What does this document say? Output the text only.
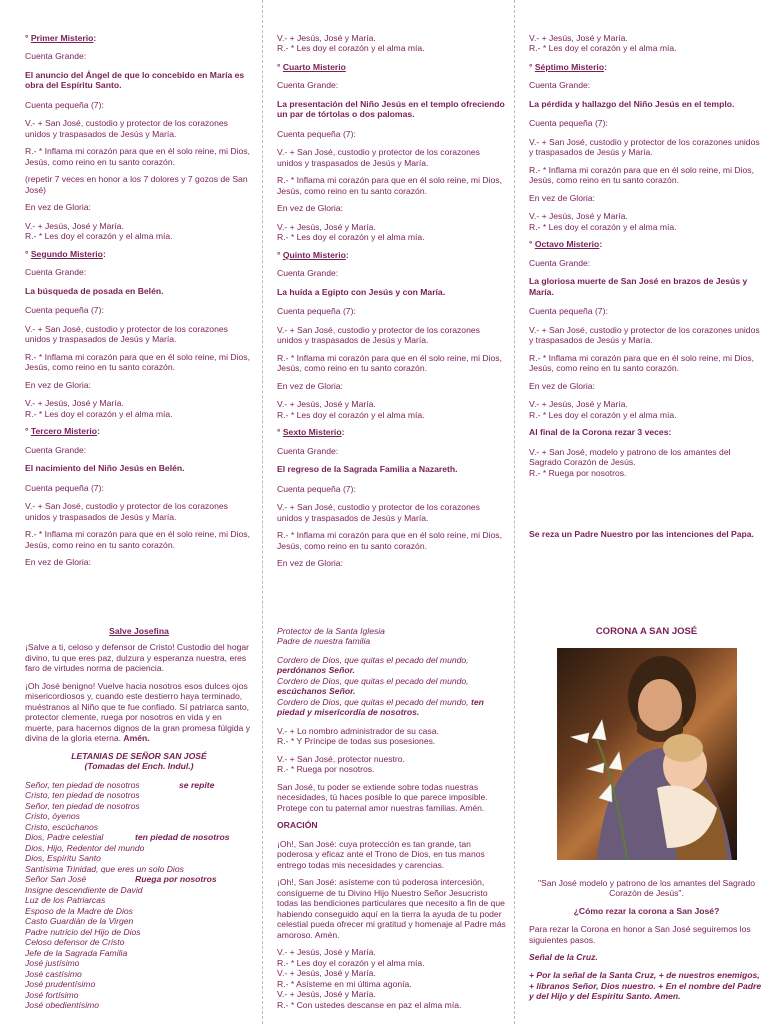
° Primer Misterio:
Cuenta Grande:
El anuncio del Ángel de que lo concebido en María es obra del Espíritu Santo.
Cuenta pequeña (7):

V.- + San José, custodio y protector de los corazones unidos y traspasados de Jesús y María.

R.- * Inflama mi corazón para que en él solo reine, mi Dios, Jesús, como reino en tu santo corazón.

(repetir 7 veces en honor a los 7 dolores y 7 gozos de San José)
En vez de Gloria:

V.- + Jesús, José y María.

R.- * Les doy el corazón y el alma mía.

° Segundo Misterio:
Cuenta Grande:
La búsqueda de posada en Belén.
Cuenta pequeña (7):

V.- + San José, custodio y protector de los corazones unidos y traspasados de Jesús y María.

R.- * Inflama mi corazón para que en él solo reine, mi Dios, Jesús, como reino en tu santo corazón.

En vez de Gloria:

V.- + Jesús, José y María.

R.- * Les doy el corazón y el alma mía.

° Tercero Misterio:
Cuenta Grande:
El nacimiento del Niño Jesús en Belén.
Cuenta pequeña (7):

V.- + San José, custodio y protector de los corazones unidos y traspasados de Jesús y María.

R.- * Inflama mi corazón para que en él solo reine, mi Dios, Jesús, como reino en tu santo corazón.

En vez de Gloria:

V.- + Jesús, José y María.

R.- * Les doy el corazón y el alma mía.

° Cuarto Misterio
Cuenta Grande:
La presentación del Niño Jesús en el templo ofreciendo un par de tórtolas o dos palomas.
Cuenta pequeña (7):

V.- + San José, custodio y protector de los corazones unidos y traspasados de Jesús y María.

R.- * Inflama mi corazón para que en él solo reine, mi Dios, Jesús, como reino en tu santo corazón.

En vez de Gloria:

V.- + Jesús, José y María.

R.- * Les doy el corazón y el alma mía.

° Quinto Misterio:
Cuenta Grande:
La huída a Egipto con Jesús y con María.
Cuenta pequeña (7):

V.- + San José, custodio y protector de los corazones unidos y traspasados de Jesús y María.

R.- * Inflama mi corazón para que en él solo reine, mi Dios, Jesús, como reino en tu santo corazón.

En vez de Gloria:

V.- + Jesús, José y María.

R.- * Les doy el corazón y el alma mía.

° Sexto Misterio:
Cuenta Grande:
El regreso de la Sagrada Familia a Nazareth.
Cuenta pequeña (7):

V.- + San José, custodio y protector de los corazones unidos y traspasados de Jesús y María.

R.- * Inflama mi corazón para que en él solo reine, mi Dios, Jesús, como reino en tu santo corazón.

En vez de Gloria:

V.- + Jesús, José y María.

R.- * Les doy el corazón y el alma mía.

° Séptimo Misterio:
Cuenta Grande:
La pérdida y hallazgo del Niño Jesús en el templo.
Cuenta pequeña (7):

V.- + San José, custodio y protector de los corazones unidos y traspasados de Jesús y María.

R.- * Inflama mi corazón para que en él solo reine, mi Dios, Jesús, como reino en tu santo corazón.

En vez de Gloria:

V.- + Jesús, José y María.

R.- * Les doy el corazón y el alma mía.

° Octavo Misterio:
Cuenta Grande:
La gloriosa muerte de San José en brazos de Jesús y María.
Cuenta pequeña (7):

V.- + San José, custodio y protector de los corazones unidos y traspasados de Jesús y María.

R.- * Inflama mi corazón para que en él solo reine, mi Dios, Jesús, como reino en tu santo corazón.

En vez de Gloria:

V.- + Jesús, José y María.

R.- * Les doy el corazón y el alma mía.

Al final de la Corona rezar 3 veces:

V.- + San José, modelo y patrono de los amantes del Sagrado Corazón de Jesús.

R.- * Ruega por nosotros.

Se reza un Padre Nuestro por las intenciones del Papa.
Salve Josefina
¡Salve a ti, celoso y defensor de Cristo! Custodio del hogar divino, tu que eres paz, dulzura y esperanza nuestra, eres faro de virtudes norma de paciencia.
¡Oh José benigno! Vuelve hacia nosotros esos dulces ojos misericordiosos y, cuando este destierro haya terminado, muéstranos al Niño que te fue confiado. Sí patriarca santo, protector clemente, ruega por nosotros en vida y en muerte, para hacernos dignos de la gran promesa fúlgida y divina de la gloria eterna. Amén.
LETANIAS DE SEÑOR SAN JOSÉ
(Tomadas del Ench. Indul.)
Señor, ten piedad de nosotros	se repite
Cristo, ten piedad de nosotros
Señor, ten piedad de nosotros
Cristo, óyenos
Cristo, escúchanos
Dios, Padre celestial	ten piedad de nosotros
Dios, Hijo, Redentor del mundo
Dios, Espíritu Santo
Santísima Trinidad, que eres un solo Dios
Señor San José	Ruega por nosotros
Insigne descendiente de David
Luz de los Patriarcas
Esposo de la Madre de Dios
Casto Guardián de la Virgen
Padre nutricio del Hijo de Dios
Celoso defensor de Cristo
Jefe de la Sagrada Familia
José justísimo
José castísimo
José prudentísimo
José fortísimo
José obedientísimo
Protector de la Santa Iglesia
Padre de nuestra familia
Cordero de Dios, que quitas el pecado del mundo,
perdónanos Señor.
Cordero de Dios, que quitas el pecado del mundo,
escúchanos Señor.
Cordero de Dios, que quitas el pecado del mundo, ten piedad y misericordia de nosotros.

V.- + Lo nombro administrador de su casa.

R.- * Y Príncipe de todas sus posesiones.

V.- + San José, protector nuestro.

R.- * Ruega por nosotros.

San José, tu poder se extiende sobre todas nuestras necesidades, tú haces posible lo que parece imposible. Protege con tu paternal amor nuestras familias. Amén.
ORACIÓN
¡Oh!, San José: cuya protección es tan grande, tan poderosa y eficaz ante el Trono de Dios, en tus manos entrego todas mis necesidades y carencias.
¡Oh!, San José: asísteme con tú poderosa intercesión, consígueme de tu Divino Hijo Nuestro Señor Jesucristo todas las bendiciones particulares que necesito a fin de que habiendo conseguido aquí en la tierra la ayuda de tu poder celestial pueda ofrecer mi gratitud y homenaje al Padre más amoroso. Amén.

V.- + Jesús, José y María.

R.- * Les doy el corazón y el alma mía.

V.- + Jesús, José y María.

R.- * Asísteme en mi última agonía.

V.- + Jesús, José y María.

R.- * Con ustedes descanse en paz el alma mía.

CORONA A SAN JOSÉ
"San José modelo y patrono de los amantes del Sagrado Corazón de Jesús".
¿Cómo rezar la corona a San José?
Para rezar la Corona en honor a San José seguiremos los siguientes pasos.
Señal de la Cruz.
+ Por la señal de la Santa Cruz, + de nuestros enemigos, + líbranos Señor, Dios nuestro. + En el nombre del Padre y del Hijo y del Espíritu Santo. Amen.
